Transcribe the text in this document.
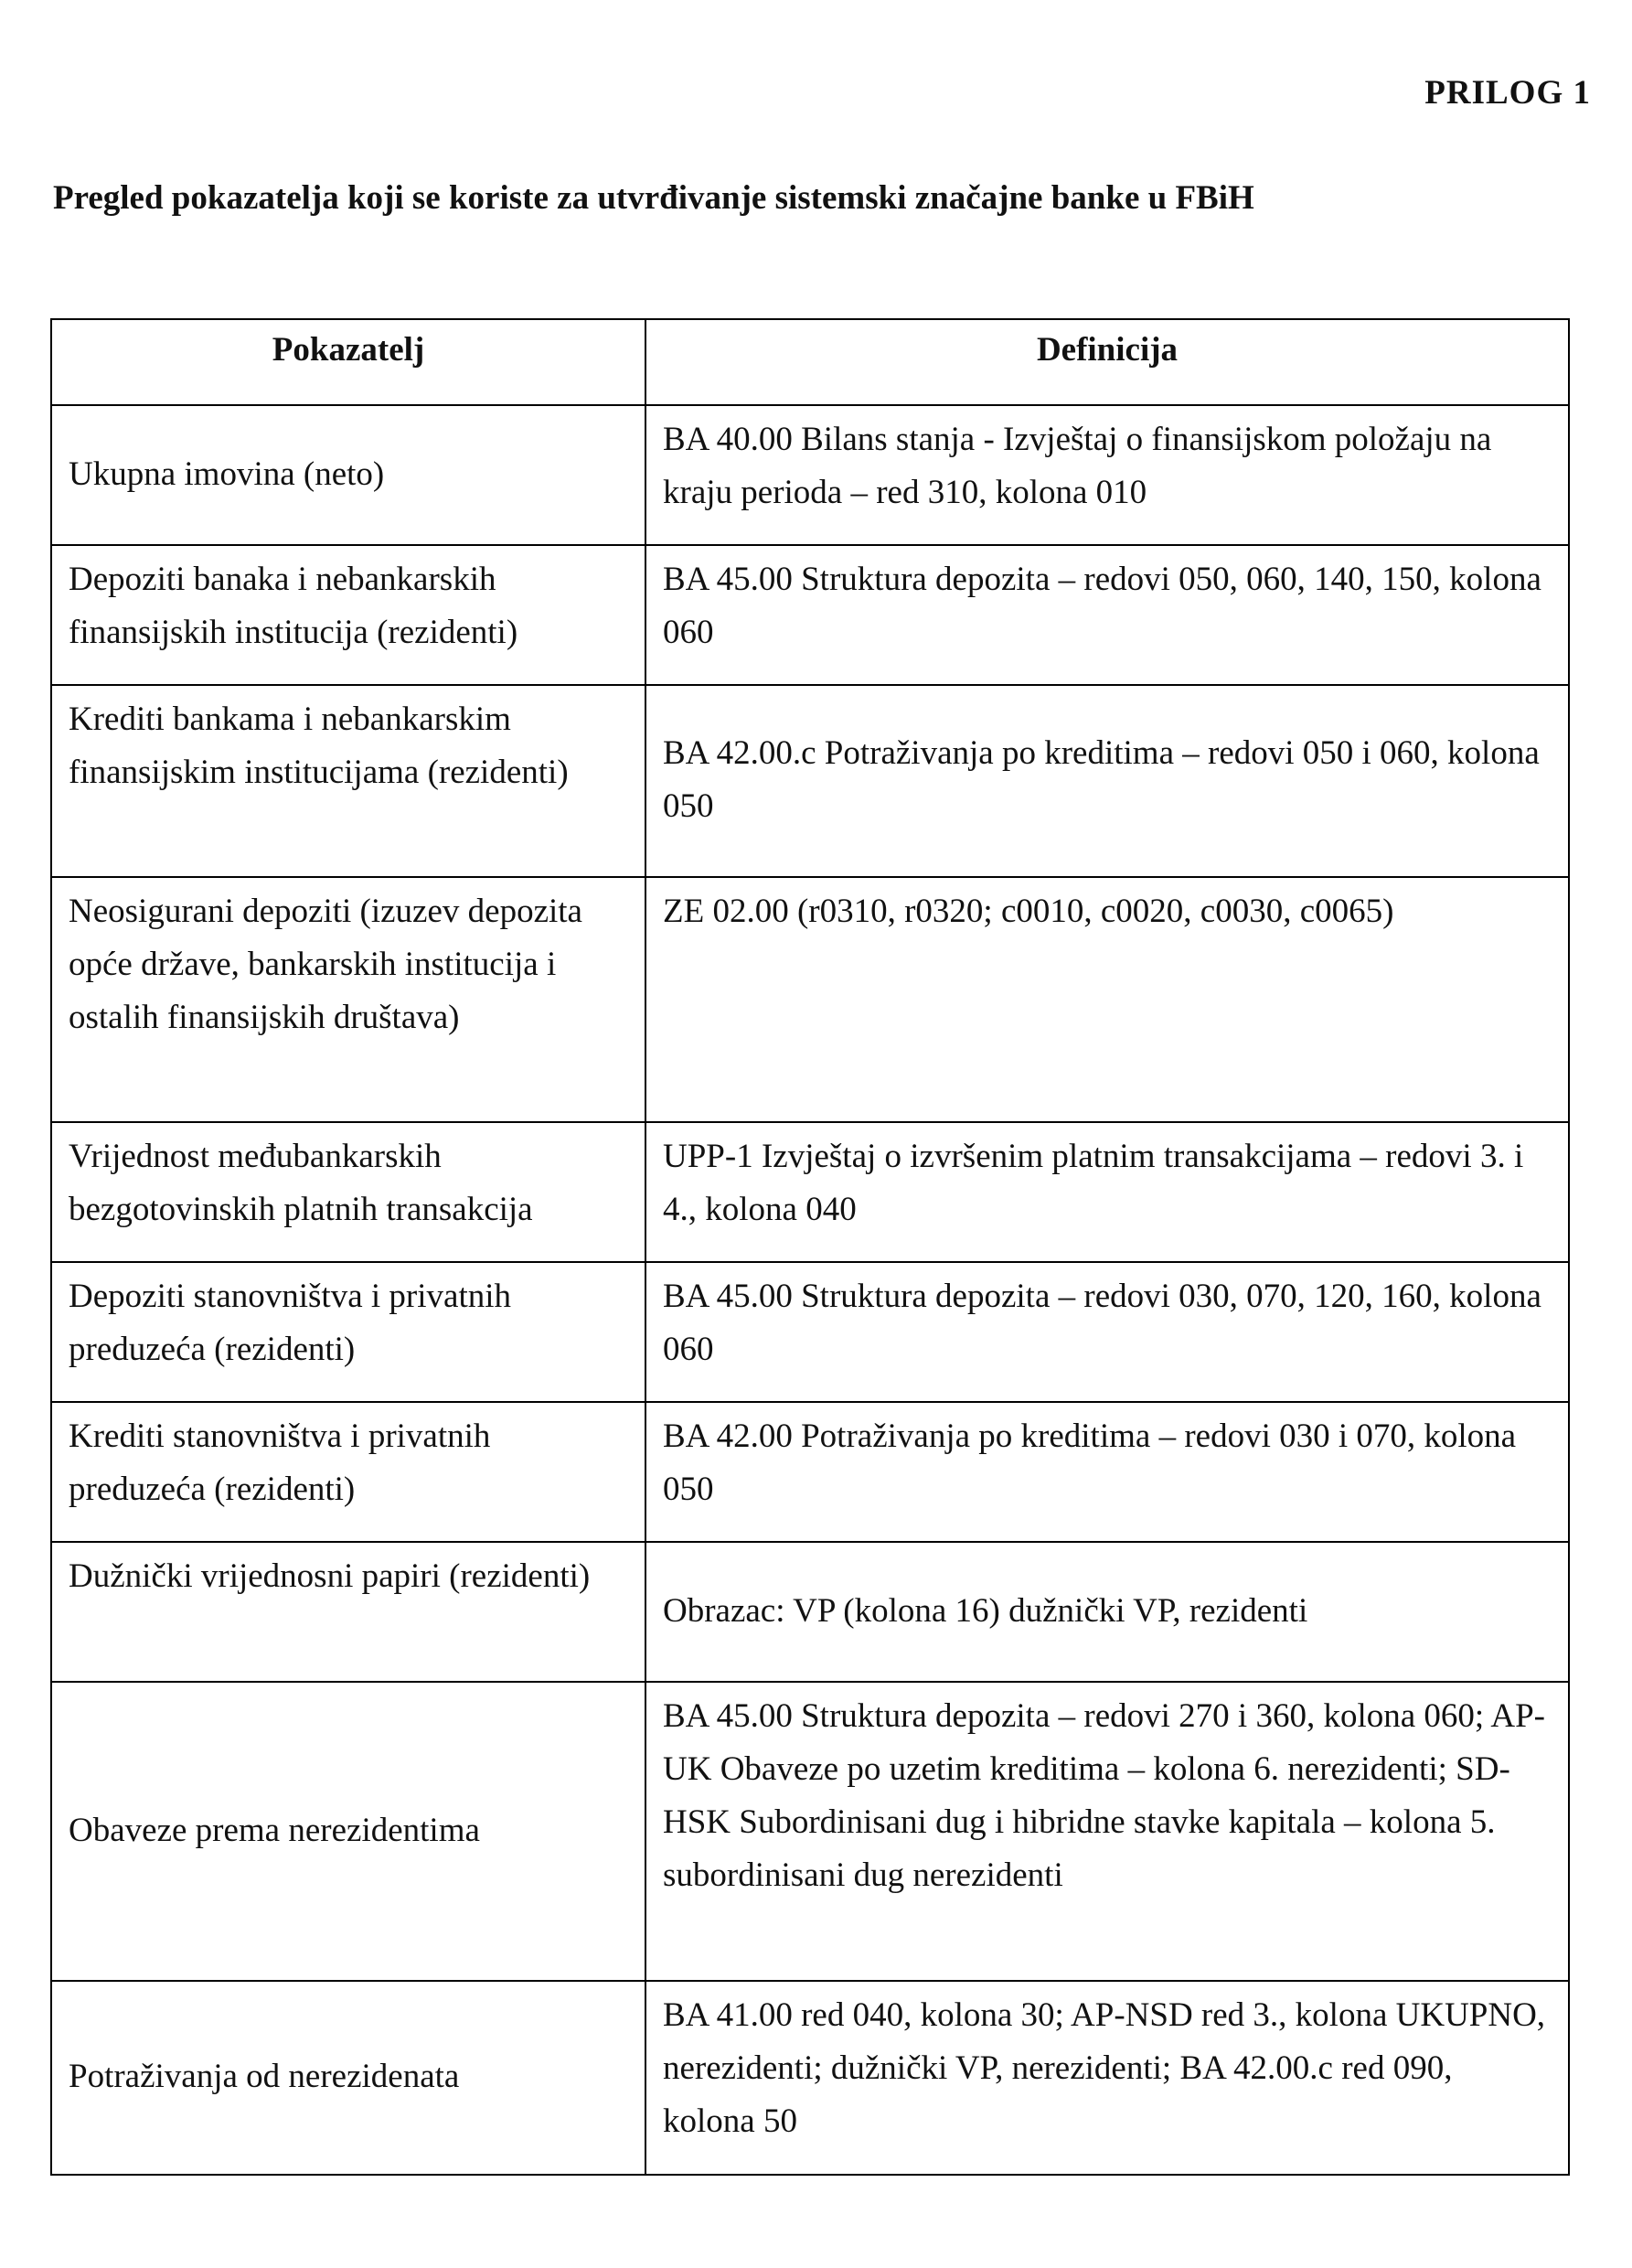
PRILOG 1
Pregled pokazatelja koji se koriste za utvrđivanje sistemski značajne banke u FBiH
Pokazatelj	Definicija
Ukupna imovina (neto)	BA 40.00 Bilans stanja - Izvještaj o finansijskom položaju na kraju perioda – red 310, kolona 010
Depoziti banaka i nebankarskih finansijskih institucija (rezidenti)	BA 45.00 Struktura depozita – redovi 050, 060, 140, 150, kolona 060
Krediti bankama i nebankarskim finansijskim institucijama (rezidenti)	BA 42.00.c Potraživanja po kreditima – redovi 050 i 060, kolona 050
Neosigurani depoziti (izuzev depozita opće države, bankarskih institucija i ostalih finansijskih društava)	ZE 02.00 (r0310, r0320; c0010, c0020, c0030, c0065)
Vrijednost međubankarskih bezgotovinskih platnih transakcija	UPP-1 Izvještaj o izvršenim platnim transakcijama – redovi 3. i 4., kolona 040
Depoziti stanovništva i privatnih preduzeća (rezidenti)	BA 45.00 Struktura depozita – redovi 030, 070, 120, 160, kolona 060
Krediti stanovništva i privatnih preduzeća (rezidenti)	BA 42.00 Potraživanja po kreditima – redovi 030 i 070, kolona 050
Dužnički vrijednosni papiri (rezidenti)	Obrazac: VP (kolona 16) dužnički VP, rezidenti
Obaveze prema nerezidentima	BA 45.00 Struktura depozita – redovi 270 i 360, kolona 060; AP-UK Obaveze po uzetim kreditima – kolona 6. nerezidenti; SD-HSK Subordinisani dug i hibridne stavke kapitala – kolona 5. subordinisani dug nerezidenti
Potraživanja od nerezidenata	BA 41.00 red 040, kolona 30; AP-NSD red 3., kolona UKUPNO, nerezidenti; dužnički VP, nerezidenti; BA 42.00.c red 090, kolona 50
